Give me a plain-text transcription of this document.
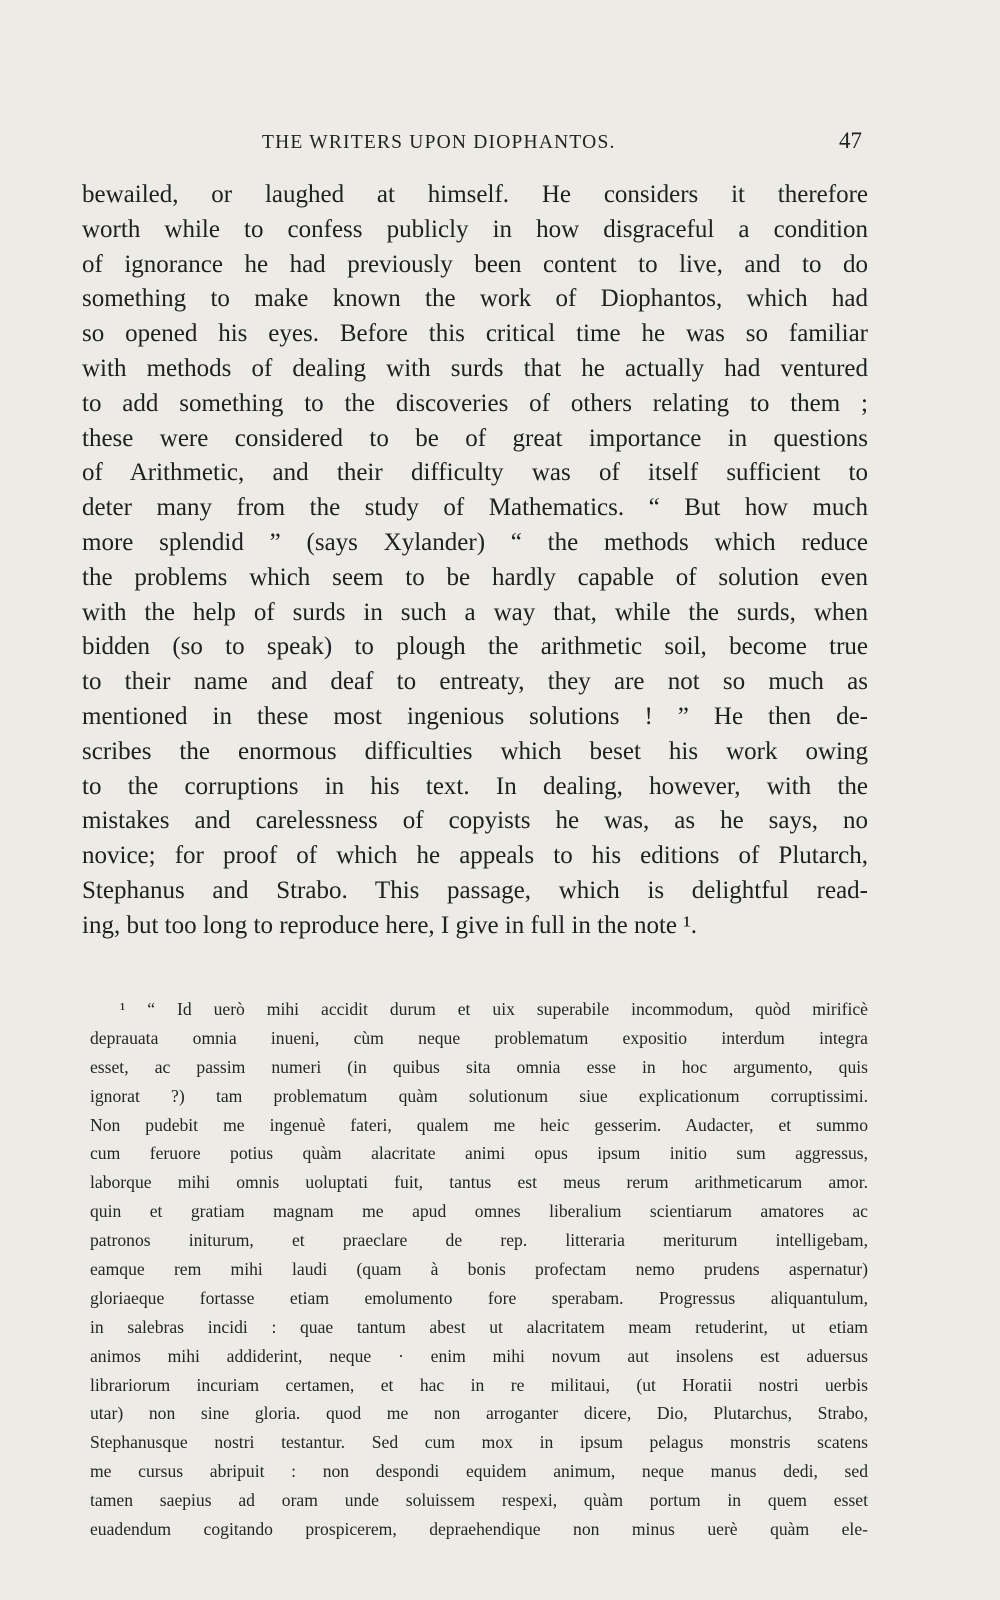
THE WRITERS UPON DIOPHANTOS.	47
bewailed, or laughed at himself. He considers it therefore
worth while to confess publicly in how disgraceful a condition
of ignorance he had previously been content to live, and to do
something to make known the work of Diophantos, which had
so opened his eyes. Before this critical time he was so familiar
with methods of dealing with surds that he actually had ventured
to add something to the discoveries of others relating to them ;
these were considered to be of great importance in questions
of Arithmetic, and their difficulty was of itself sufficient to
deter many from the study of Mathematics. “ But how much
more splendid ” (says Xylander) “ the methods which reduce
the problems which seem to be hardly capable of solution even
with the help of surds in such a way that, while the surds, when
bidden (so to speak) to plough the arithmetic soil, become true
to their name and deaf to entreaty, they are not so much as
mentioned in these most ingenious solutions ! ” He then de-
scribes the enormous difficulties which beset his work owing
to the corruptions in his text. In dealing, however, with the
mistakes and carelessness of copyists he was, as he says, no
novice; for proof of which he appeals to his editions of Plutarch,
Stephanus and Strabo. This passage, which is delightful read-
ing, but too long to reproduce here, I give in full in the note ¹.
¹ “ Id uerò mihi accidit durum et uix superabile incommodum, quòd mirificè
deprauata omnia inueni, cùm neque problematum expositio interdum integra
esset, ac passim numeri (in quibus sita omnia esse in hoc argumento, quis
ignorat ?) tam problematum quàm solutionum siue explicationum corruptissimi.
Non pudebit me ingenuè fateri, qualem me heic gesserim. Audacter, et summo
cum feruore potius quàm alacritate animi opus ipsum initio sum aggressus,
laborque mihi omnis uoluptati fuit, tantus est meus rerum arithmeticarum amor.
quin et gratiam magnam me apud omnes liberalium scientiarum amatores ac
patronos initurum, et praeclare de rep. litteraria meriturum intelligebam,
eamque rem mihi laudi (quam à bonis profectam nemo prudens aspernatur)
gloriaeque fortasse etiam emolumento fore sperabam. Progressus aliquantulum,
in salebras incidi : quae tantum abest ut alacritatem meam retuderint, ut etiam
animos mihi addiderint, neque · enim mihi novum aut insolens est aduersus
librariorum incuriam certamen, et hac in re militaui, (ut Horatii nostri uerbis
utar) non sine gloria. quod me non arroganter dicere, Dio, Plutarchus, Strabo,
Stephanusque nostri testantur. Sed cum mox in ipsum pelagus monstris scatens
me cursus abripuit : non despondi equidem animum, neque manus dedi, sed
tamen saepius ad oram unde soluissem respexi, quàm portum in quem esset
euadendum cogitando prospicerem, depraehendique non minus uerè quàm ele-
